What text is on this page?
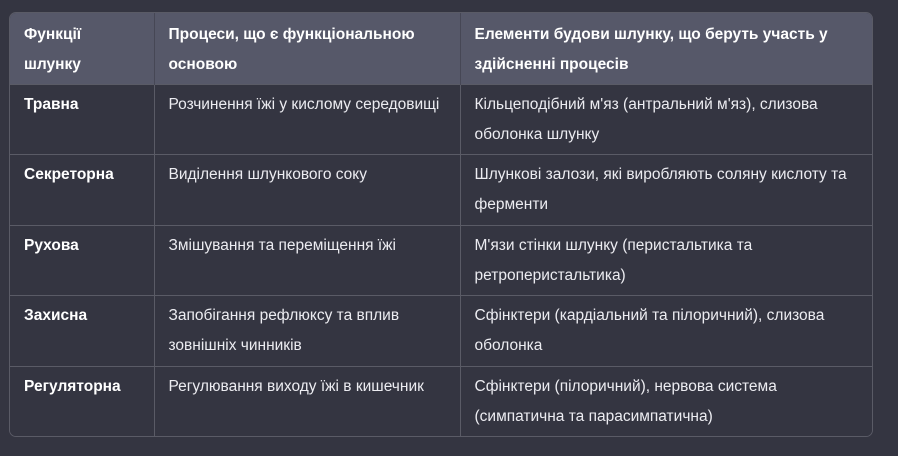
Функції шлунку	Процеси, що є функціональною основою	Елементи будови шлунку, що беруть участь у здійсненні процесів
Травна	Розчинення їжі у кислому середовищі	Кільцеподібний м'яз (антральний м'яз), слизова оболонка шлунку
Секреторна	Виділення шлункового соку	Шлункові залози, які виробляють соляну кислоту та ферменти
Рухова	Змішування та переміщення їжі	М'язи стінки шлунку (перистальтика та ретроперистальтика)
Захисна	Запобігання рефлюксу та вплив зовнішніх чинників	Сфінктери (кардіальний та пілоричний), слизова оболонка
Регуляторна	Регулювання виходу їжі в кишечник	Сфінктери (пілоричний), нервова система (симпатична та парасимпатична)
